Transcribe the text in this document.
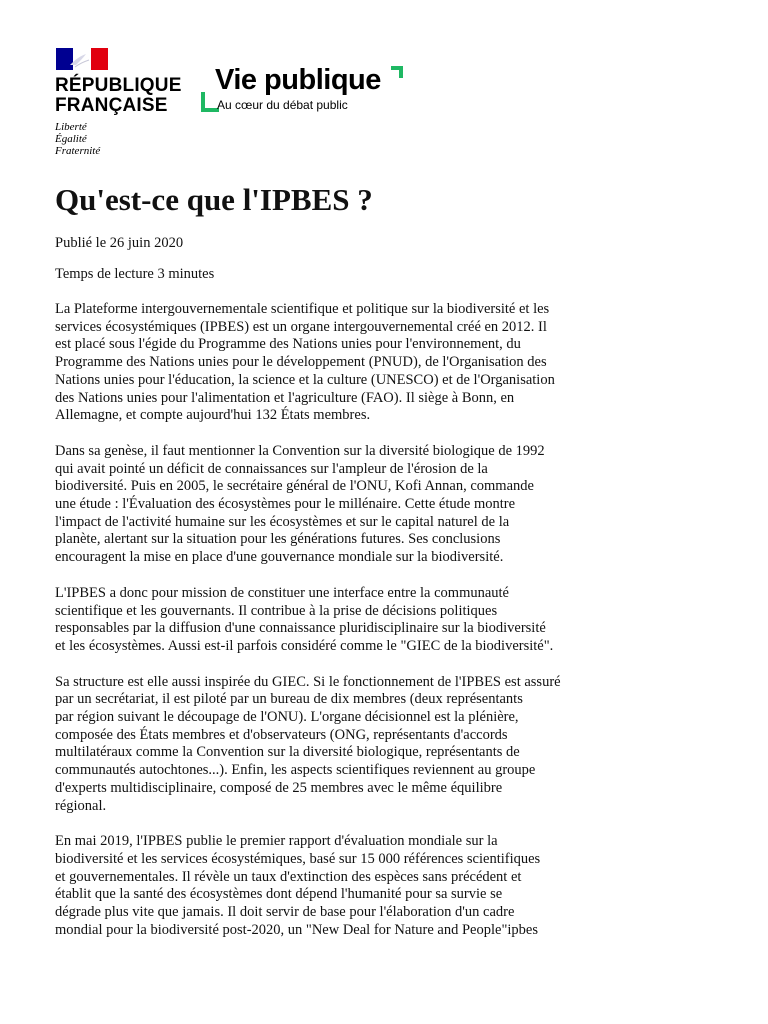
RÉPUBLIQUE
FRANÇAISE
Liberté
Égalité
Fraternité
Vie publique
Au cœur du débat public
Qu'est-ce que l'IPBES ?
Publié le 26 juin 2020
Temps de lecture 3 minutes

La Plateforme intergouvernementale scientifique et politique sur la biodiversité et les
services écosystémiques (IPBES) est un organe intergouvernemental créé en 2012. Il
est placé sous l'égide du Programme des Nations unies pour l'environnement, du
Programme des Nations unies pour le développement (PNUD), de l'Organisation des
Nations unies pour l'éducation, la science et la culture (UNESCO) et de l'Organisation
des Nations unies pour l'alimentation et l'agriculture (FAO). Il siège à Bonn, en
Allemagne, et compte aujourd'hui 132 États membres.

Dans sa genèse, il faut mentionner la Convention sur la diversité biologique de 1992
qui avait pointé un déficit de connaissances sur l'ampleur de l'érosion de la
biodiversité. Puis en 2005, le secrétaire général de l'ONU, Kofi Annan, commande
une étude : l'Évaluation des écosystèmes pour le millénaire. Cette étude montre
l'impact de l'activité humaine sur les écosystèmes et sur le capital naturel de la
planète, alertant sur la situation pour les générations futures. Ses conclusions
encouragent la mise en place d'une gouvernance mondiale sur la biodiversité.

L'IPBES a donc pour mission de constituer une interface entre la communauté
scientifique et les gouvernants. Il contribue à la prise de décisions politiques
responsables par la diffusion d'une connaissance pluridisciplinaire sur la biodiversité
et les écosystèmes. Aussi est-il parfois considéré comme le "GIEC de la biodiversité".

Sa structure est elle aussi inspirée du GIEC. Si le fonctionnement de l'IPBES est assuré
par un secrétariat, il est piloté par un bureau de dix membres (deux représentants
par région suivant le découpage de l'ONU). L'organe décisionnel est la plénière,
composée des États membres et d'observateurs (ONG, représentants d'accords
multilatéraux comme la Convention sur la diversité biologique, représentants de
communautés autochtones...). Enfin, les aspects scientifiques reviennent au groupe
d'experts multidisciplinaire, composé de 25 membres avec le même équilibre
régional.

En mai 2019, l'IPBES publie le premier rapport d'évaluation mondiale sur la
biodiversité et les services écosystémiques, basé sur 15 000 références scientifiques
et gouvernementales. Il révèle un taux d'extinction des espèces sans précédent et
établit que la santé des écosystèmes dont dépend l'humanité pour sa survie se
dégrade plus vite que jamais. Il doit servir de base pour l'élaboration d'un cadre
mondial pour la biodiversité post-2020, un "New Deal for Nature and People"ipbes
